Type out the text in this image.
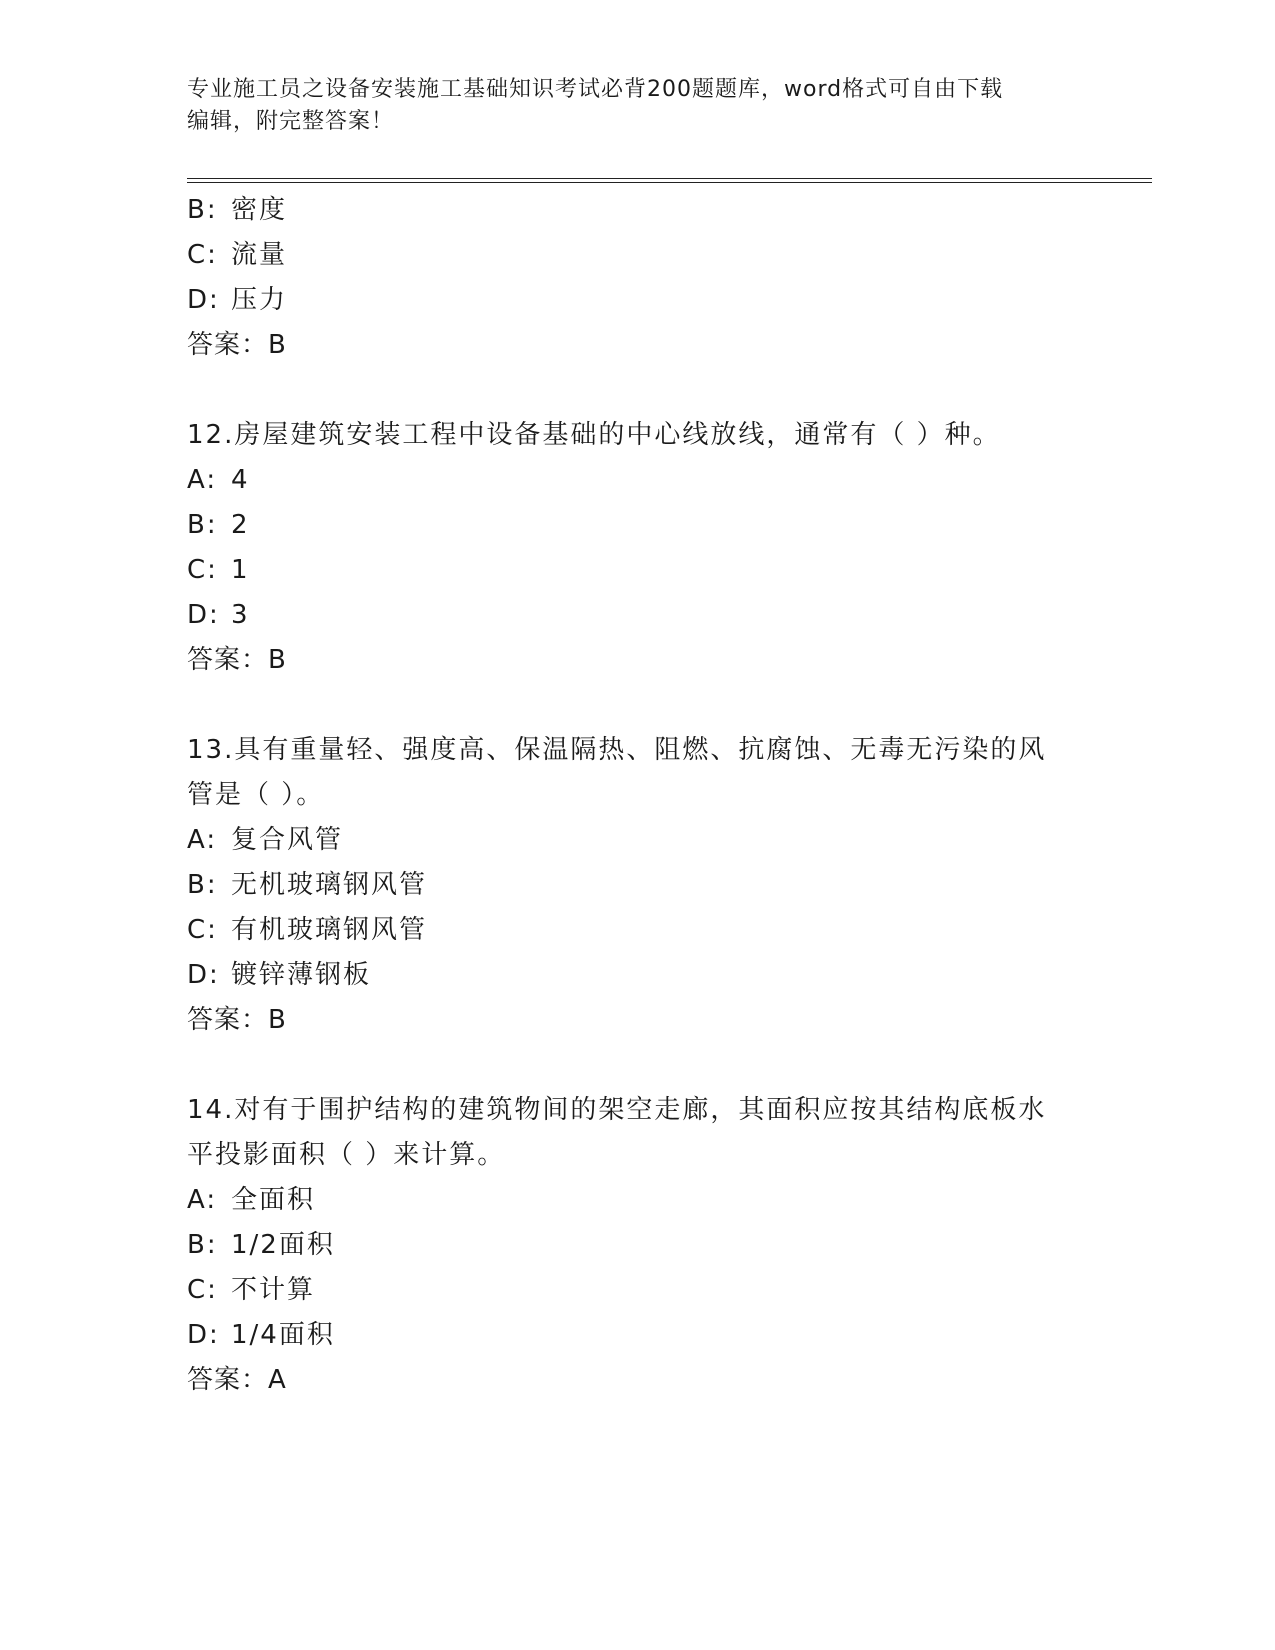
专业施工员之设备安装施工基础知识考试必背200题题库，word格式可自由下载
编辑，附完整答案！
B: 密度
C: 流量
D: 压力
答案：B
12.房屋建筑安装工程中设备基础的中心线放线，通常有（ ）种。
A: 4
B: 2
C: 1
D: 3
答案：B
13.具有重量轻、强度高、保温隔热、阻燃、抗腐蚀、无毒无污染的风
管是（ ）。
A: 复合风管
B: 无机玻璃钢风管
C: 有机玻璃钢风管
D: 镀锌薄钢板
答案：B
14.对有于围护结构的建筑物间的架空走廊，其面积应按其结构底板水
平投影面积（ ）来计算。
A: 全面积
B: 1/2面积
C: 不计算
D: 1/4面积
答案：A
